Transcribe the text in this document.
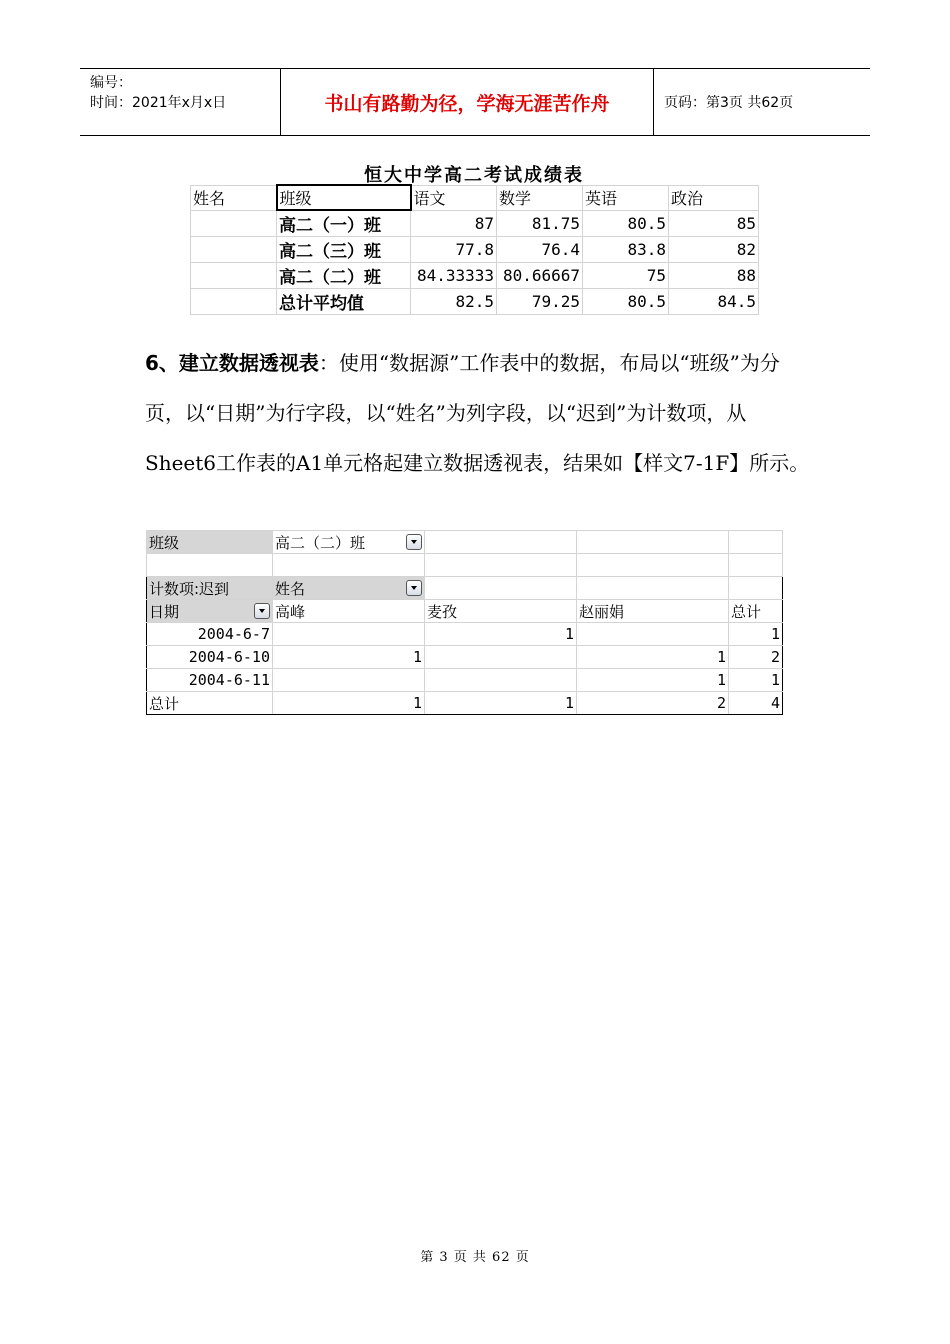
编号：
时间：2021年x月x日	书山有路勤为径，学海无涯苦作舟	页码：第3页 共62页
恒大中学高二考试成绩表
姓名	班级	语文	数学	英语	政治
	高二（一）班	87	81.75	80.5	85
	高二（三）班	77.8	76.4	83.8	82
	高二（二）班	84.33333	80.66667	75	88
	总计平均值	82.5	79.25	80.5	84.5
6、建立数据透视表：使用“数据源”工作表中的数据，布局以“班级”为分页，以“日期”为行字段，以“姓名”为列字段，以“迟到”为计数项，从Sheet6工作表的A1单元格起建立数据透视表，结果如【样文7-1F】所示。
班级	高二（二）班

计数项:迟到	姓名

日期	高峰	麦孜	赵丽娟	总计
2004-6-7		1		1
2004-6-10	1		1	2
2004-6-11			1	1
总计	1	1	2	4
第 3 页 共 62 页
